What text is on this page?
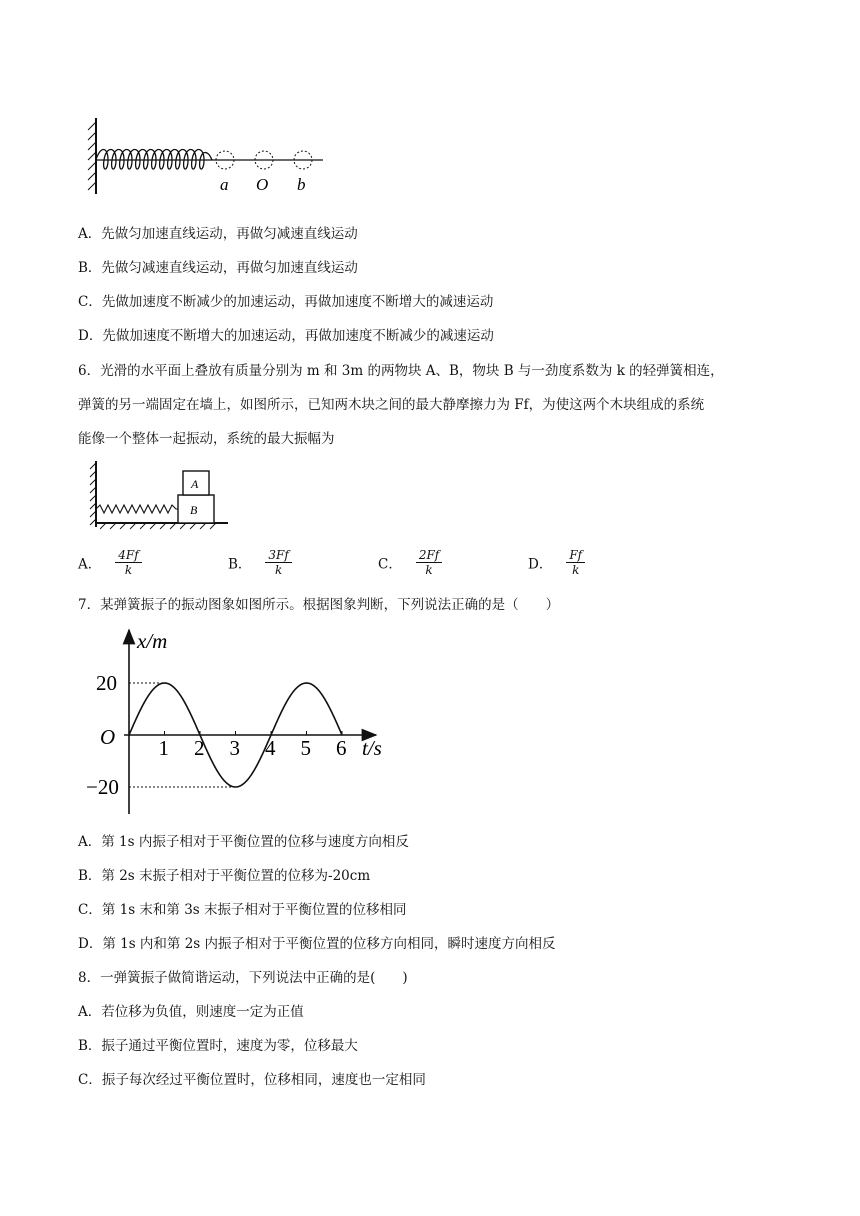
a O b
A．先做匀加速直线运动，再做匀减速直线运动
B．先做匀减速直线运动，再做匀加速直线运动
C．先做加速度不断减少的加速运动，再做加速度不断增大的减速运动
D．先做加速度不断增大的加速运动，再做加速度不断减少的减速运动
6．光滑的水平面上叠放有质量分别为 m 和 3m 的两物块 A、B，物块 B 与一劲度系数为 k 的轻弹簧相连，
弹簧的另一端固定在墙上，如图所示，已知两木块之间的最大静摩擦力为 Ff，为使这两个木块组成的系统
能像一个整体一起振动，系统的最大振幅为
A
B
A． $\frac{4Ff}{k}$	B． $\frac{3Ff}{k}$	C． $\frac{2Ff}{k}$	D． $\frac{Ff}{k}$
7．某弹簧振子的振动图象如图所示。根据图象判断，下列说法正确的是（　　）
x/m
t/s
O 1 2 3 4 5 6
20
−20
A．第 1s 内振子相对于平衡位置的位移与速度方向相反
B．第 2s 末振子相对于平衡位置的位移为-20cm
C．第 1s 末和第 3s 末振子相对于平衡位置的位移相同
D．第 1s 内和第 2s 内振子相对于平衡位置的位移方向相同，瞬时速度方向相反
8．一弹簧振子做简谐运动，下列说法中正确的是(　　)
A．若位移为负值，则速度一定为正值
B．振子通过平衡位置时，速度为零，位移最大
C．振子每次经过平衡位置时，位移相同，速度也一定相同
